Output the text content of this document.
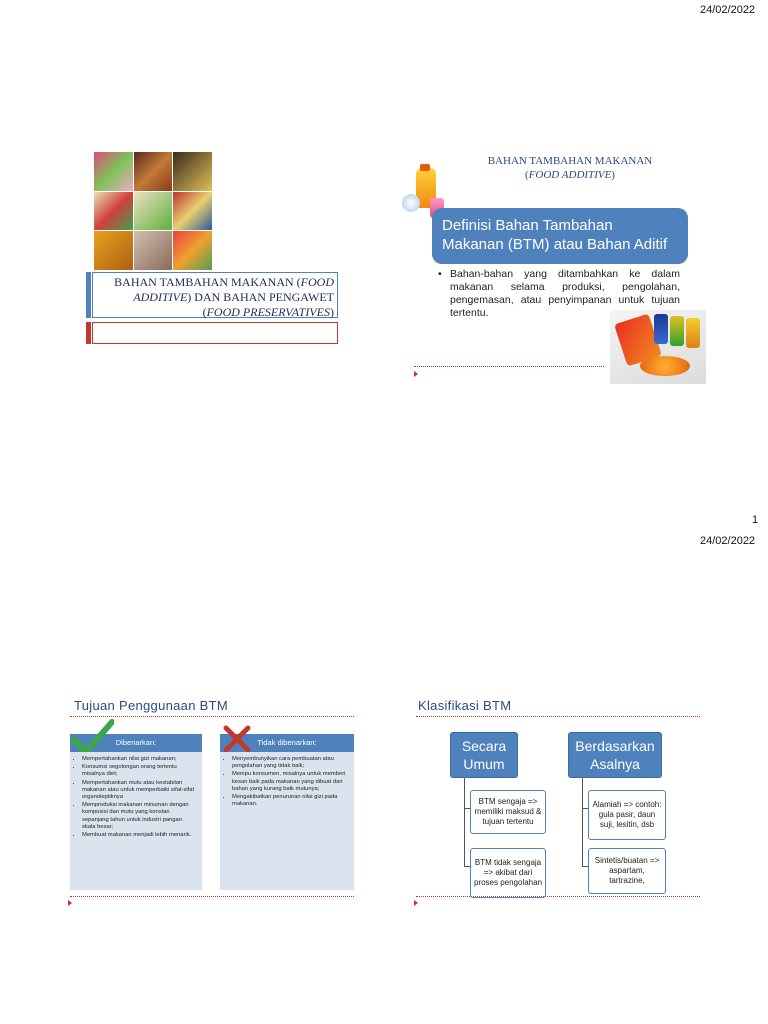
24/02/2022
BAHAN TAMBAHAN MAKANAN (FOOD ADDITIVE) DAN BAHAN PENGAWET (FOOD PRESERVATIVES)
BAHAN TAMBAHAN MAKANAN
(FOOD ADDITIVE)
Definisi Bahan Tambahan Makanan (BTM) atau Bahan Aditif
• Bahan-bahan yang ditambahkan ke dalam makanan selama produksi, pengolahan, pengemasan, atau penyimpanan untuk tujuan tertentu.
1
24/02/2022
Tujuan Penggunaan BTM
Dibenarkan:
• Mempertahankan nilai gizi makanan;
• Konsumsi segolongan orang tertentu misalnya diet;
• Mempertahankan mutu atau kestabilan makanan atau untuk memperbaiki sifat-sifat organoleptiknya
• Memproduksi makanan minuman dengan komposisi dan mutu yang konstan sepanjang tahun untuk industri pangan skala besar;
• Membuat makanan menjadi lebih menarik.
Tidak dibenarkan:
• Menyembunyikan cara pembuatan atau pengolahan yang tidak baik;
• Menipu konsumen, misalnya untuk memberi kesan baik pada makanan yang dibuat dari bahan yang kurang baik mutunya;
• Mengakibatkan penurunan nilai gizi pada makanan.
Klasifikasi BTM
Secara Umum
Berdasarkan Asalnya
BTM sengaja => memiliki maksud & tujuan tertentu
BTM tidak sengaja => akibat dari proses pengolahan
Alamiah => contoh: gula pasir, daun suji, lesitin, dsb
Sintetis/buatan => aspartam, tartrazine,
